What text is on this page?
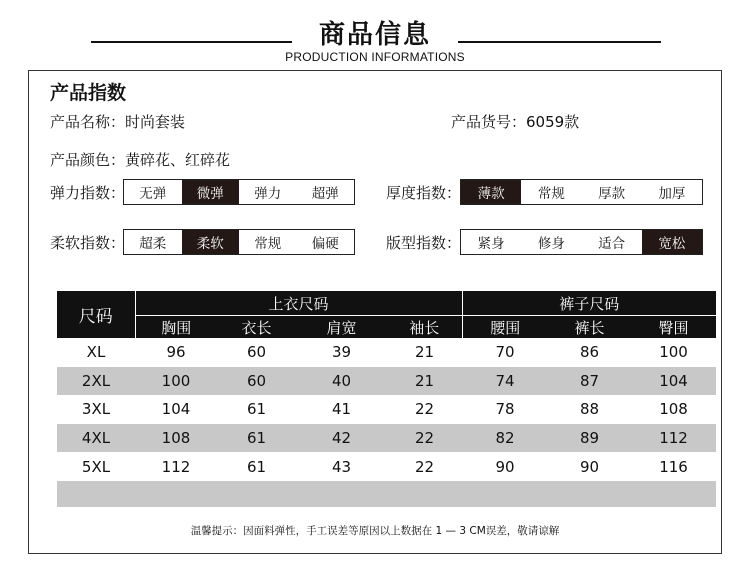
商品信息
PRODUCTION INFORMATIONS
产品指数
产品名称：时尚套装	产品货号：6059款
产品颜色：黄碎花、红碎花
弹力指数：	无弹	微弹	弹力	超弹	厚度指数：	薄款	常规	厚款	加厚
柔软指数：	超柔	柔软	常规	偏硬	版型指数：	紧身	修身	适合	宽松
尺码	上衣尺码				裤子尺码		
	胸围	衣长	肩宽	袖长	腰围	裤长	臀围
XL	96	60	39	21	70	86	100
2XL	100	60	40	21	74	87	104
3XL	104	61	41	22	78	88	108
4XL	108	61	42	22	82	89	112
5XL	112	61	43	22	90	90	116

温馨提示：因面料弹性，手工误差等原因以上数据在 1 — 3 CM误差，敬请谅解
